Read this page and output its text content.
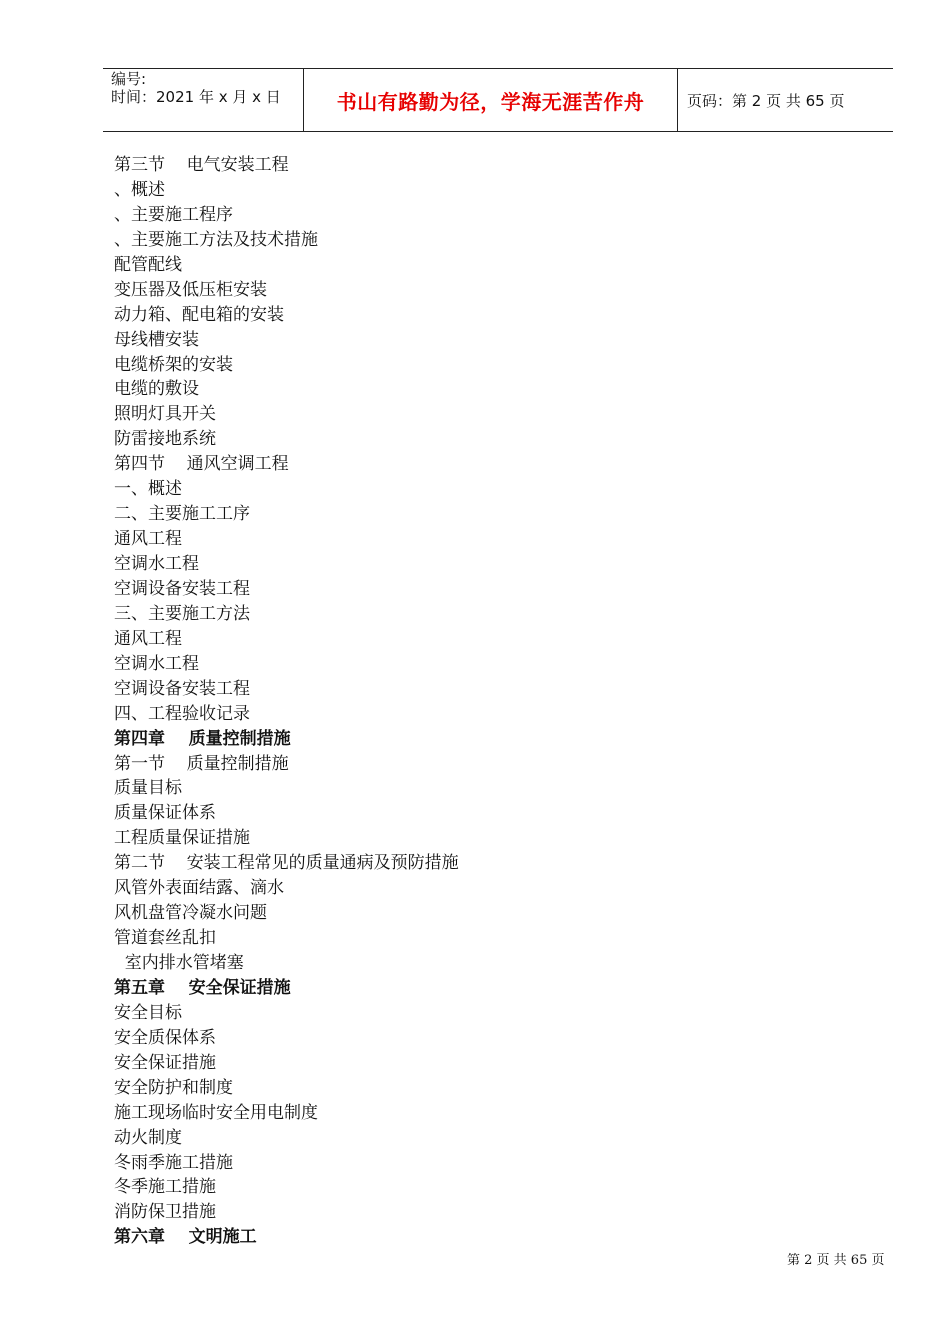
编号:
时间：2021 年 x 月 x 日	书山有路勤为径，学海无涯苦作舟	页码：第 2 页 共 65 页
第三节    电气安装工程
、概述
、主要施工程序
、主要施工方法及技术措施
配管配线
变压器及低压柜安装
动力箱、配电箱的安装
母线槽安装
电缆桥架的安装
电缆的敷设
照明灯具开关
防雷接地系统
第四节    通风空调工程
一、概述
二、主要施工工序
通风工程
空调水工程
空调设备安装工程
三、主要施工方法
通风工程
空调水工程
空调设备安装工程
四、工程验收记录
第四章    质量控制措施
第一节    质量控制措施
质量目标
质量保证体系
工程质量保证措施
第二节    安装工程常见的质量通病及预防措施
风管外表面结露、滴水
风机盘管冷凝水问题
管道套丝乱扣
室内排水管堵塞
第五章    安全保证措施
安全目标
安全质保体系
安全保证措施
安全防护和制度
施工现场临时安全用电制度
动火制度
冬雨季施工措施
冬季施工措施
消防保卫措施
第六章    文明施工
第 2 页 共 65 页
